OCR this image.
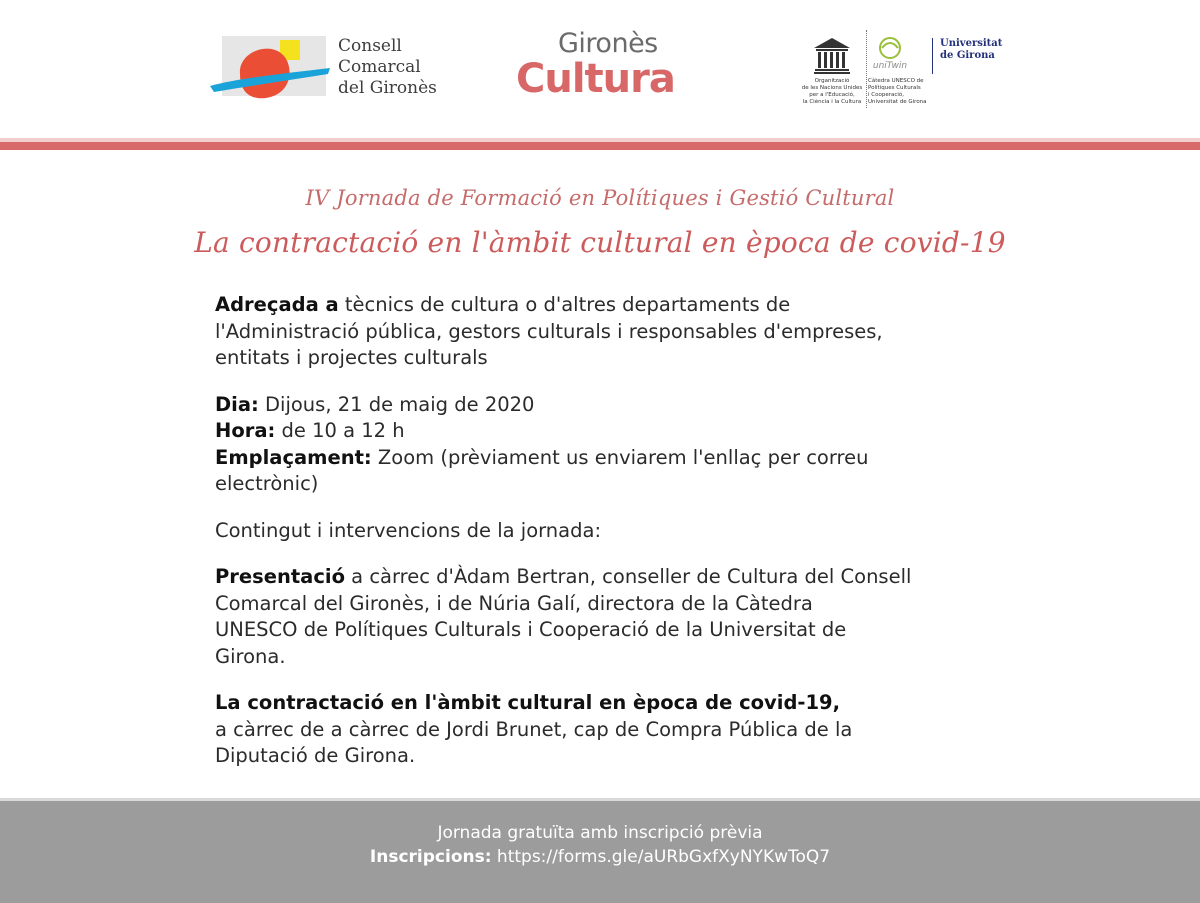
Consell
Comarcal
del Gironès
Gironès
Cultura	Organització
de les Nacions Unides
per a l'Educació,
la Ciència i la Cultura
uniTwin
Càtedra UNESCO de
Polítiques Culturals
i Cooperació,
Universitat de Girona
Universitat
de Girona
IV Jornada de Formació en Polítiques i Gestió Cultural
La contractació en l'àmbit cultural en època de covid-19

Adreçada a tècnics de cultura o d'altres departaments de
l'Administració pública, gestors culturals i responsables d'empreses,
entitats i projectes culturals

Dia: Dijous, 21 de maig de 2020
Hora: de 10 a 12 h
Emplaçament: Zoom (prèviament us enviarem l'enllaç per correu
electrònic)

Contingut i intervencions de la jornada:

Presentació a càrrec d'Àdam Bertran, conseller de Cultura del Consell
Comarcal del Gironès, i de Núria Galí, directora de la Càtedra
UNESCO de Polítiques Culturals i Cooperació de la Universitat de
Girona.

La contractació en l'àmbit cultural en època de covid-19,
a càrrec de a càrrec de Jordi Brunet, cap de Compra Pública de la
Diputació de Girona.

Jornada gratuïta amb inscripció prèvia
Inscripcions: https://forms.gle/aURbGxfXyNYKwToQ7
